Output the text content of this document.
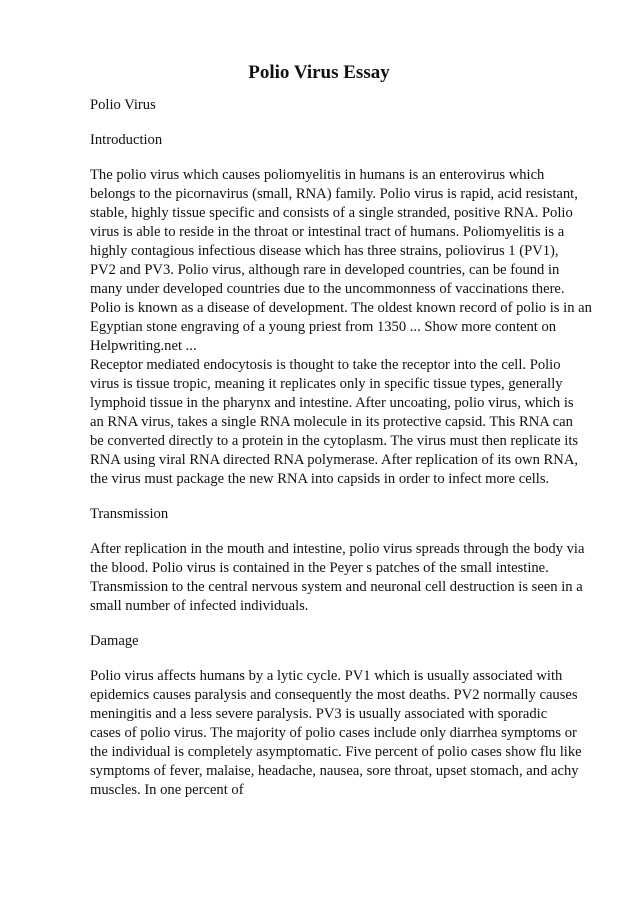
Polio Virus Essay
Polio Virus
Introduction
The polio virus which causes poliomyelitis in humans is an enterovirus which
belongs to the picornavirus (small, RNA) family. Polio virus is rapid, acid resistant,
stable, highly tissue specific and consists of a single stranded, positive RNA. Polio
virus is able to reside in the throat or intestinal tract of humans. Poliomyelitis is a
highly contagious infectious disease which has three strains, poliovirus 1 (PV1),
PV2 and PV3. Polio virus, although rare in developed countries, can be found in
many under developed countries due to the uncommonness of vaccinations there.
Polio is known as a disease of development. The oldest known record of polio is in an
Egyptian stone engraving of a young priest from 1350 ... Show more content on
Helpwriting.net ...
Receptor mediated endocytosis is thought to take the receptor into the cell. Polio
virus is tissue tropic, meaning it replicates only in specific tissue types, generally
lymphoid tissue in the pharynx and intestine. After uncoating, polio virus, which is
an RNA virus, takes a single RNA molecule in its protective capsid. This RNA can
be converted directly to a protein in the cytoplasm. The virus must then replicate its
RNA using viral RNA directed RNA polymerase. After replication of its own RNA,
the virus must package the new RNA into capsids in order to infect more cells.
Transmission
After replication in the mouth and intestine, polio virus spreads through the body via
the blood. Polio virus is contained in the Peyer s patches of the small intestine.
Transmission to the central nervous system and neuronal cell destruction is seen in a
small number of infected individuals.
Damage
Polio virus affects humans by a lytic cycle. PV1 which is usually associated with
epidemics causes paralysis and consequently the most deaths. PV2 normally causes
meningitis and a less severe paralysis. PV3 is usually associated with sporadic
cases of polio virus. The majority of polio cases include only diarrhea symptoms or
the individual is completely asymptomatic. Five percent of polio cases show flu like
symptoms of fever, malaise, headache, nausea, sore throat, upset stomach, and achy
muscles. In one percent of
